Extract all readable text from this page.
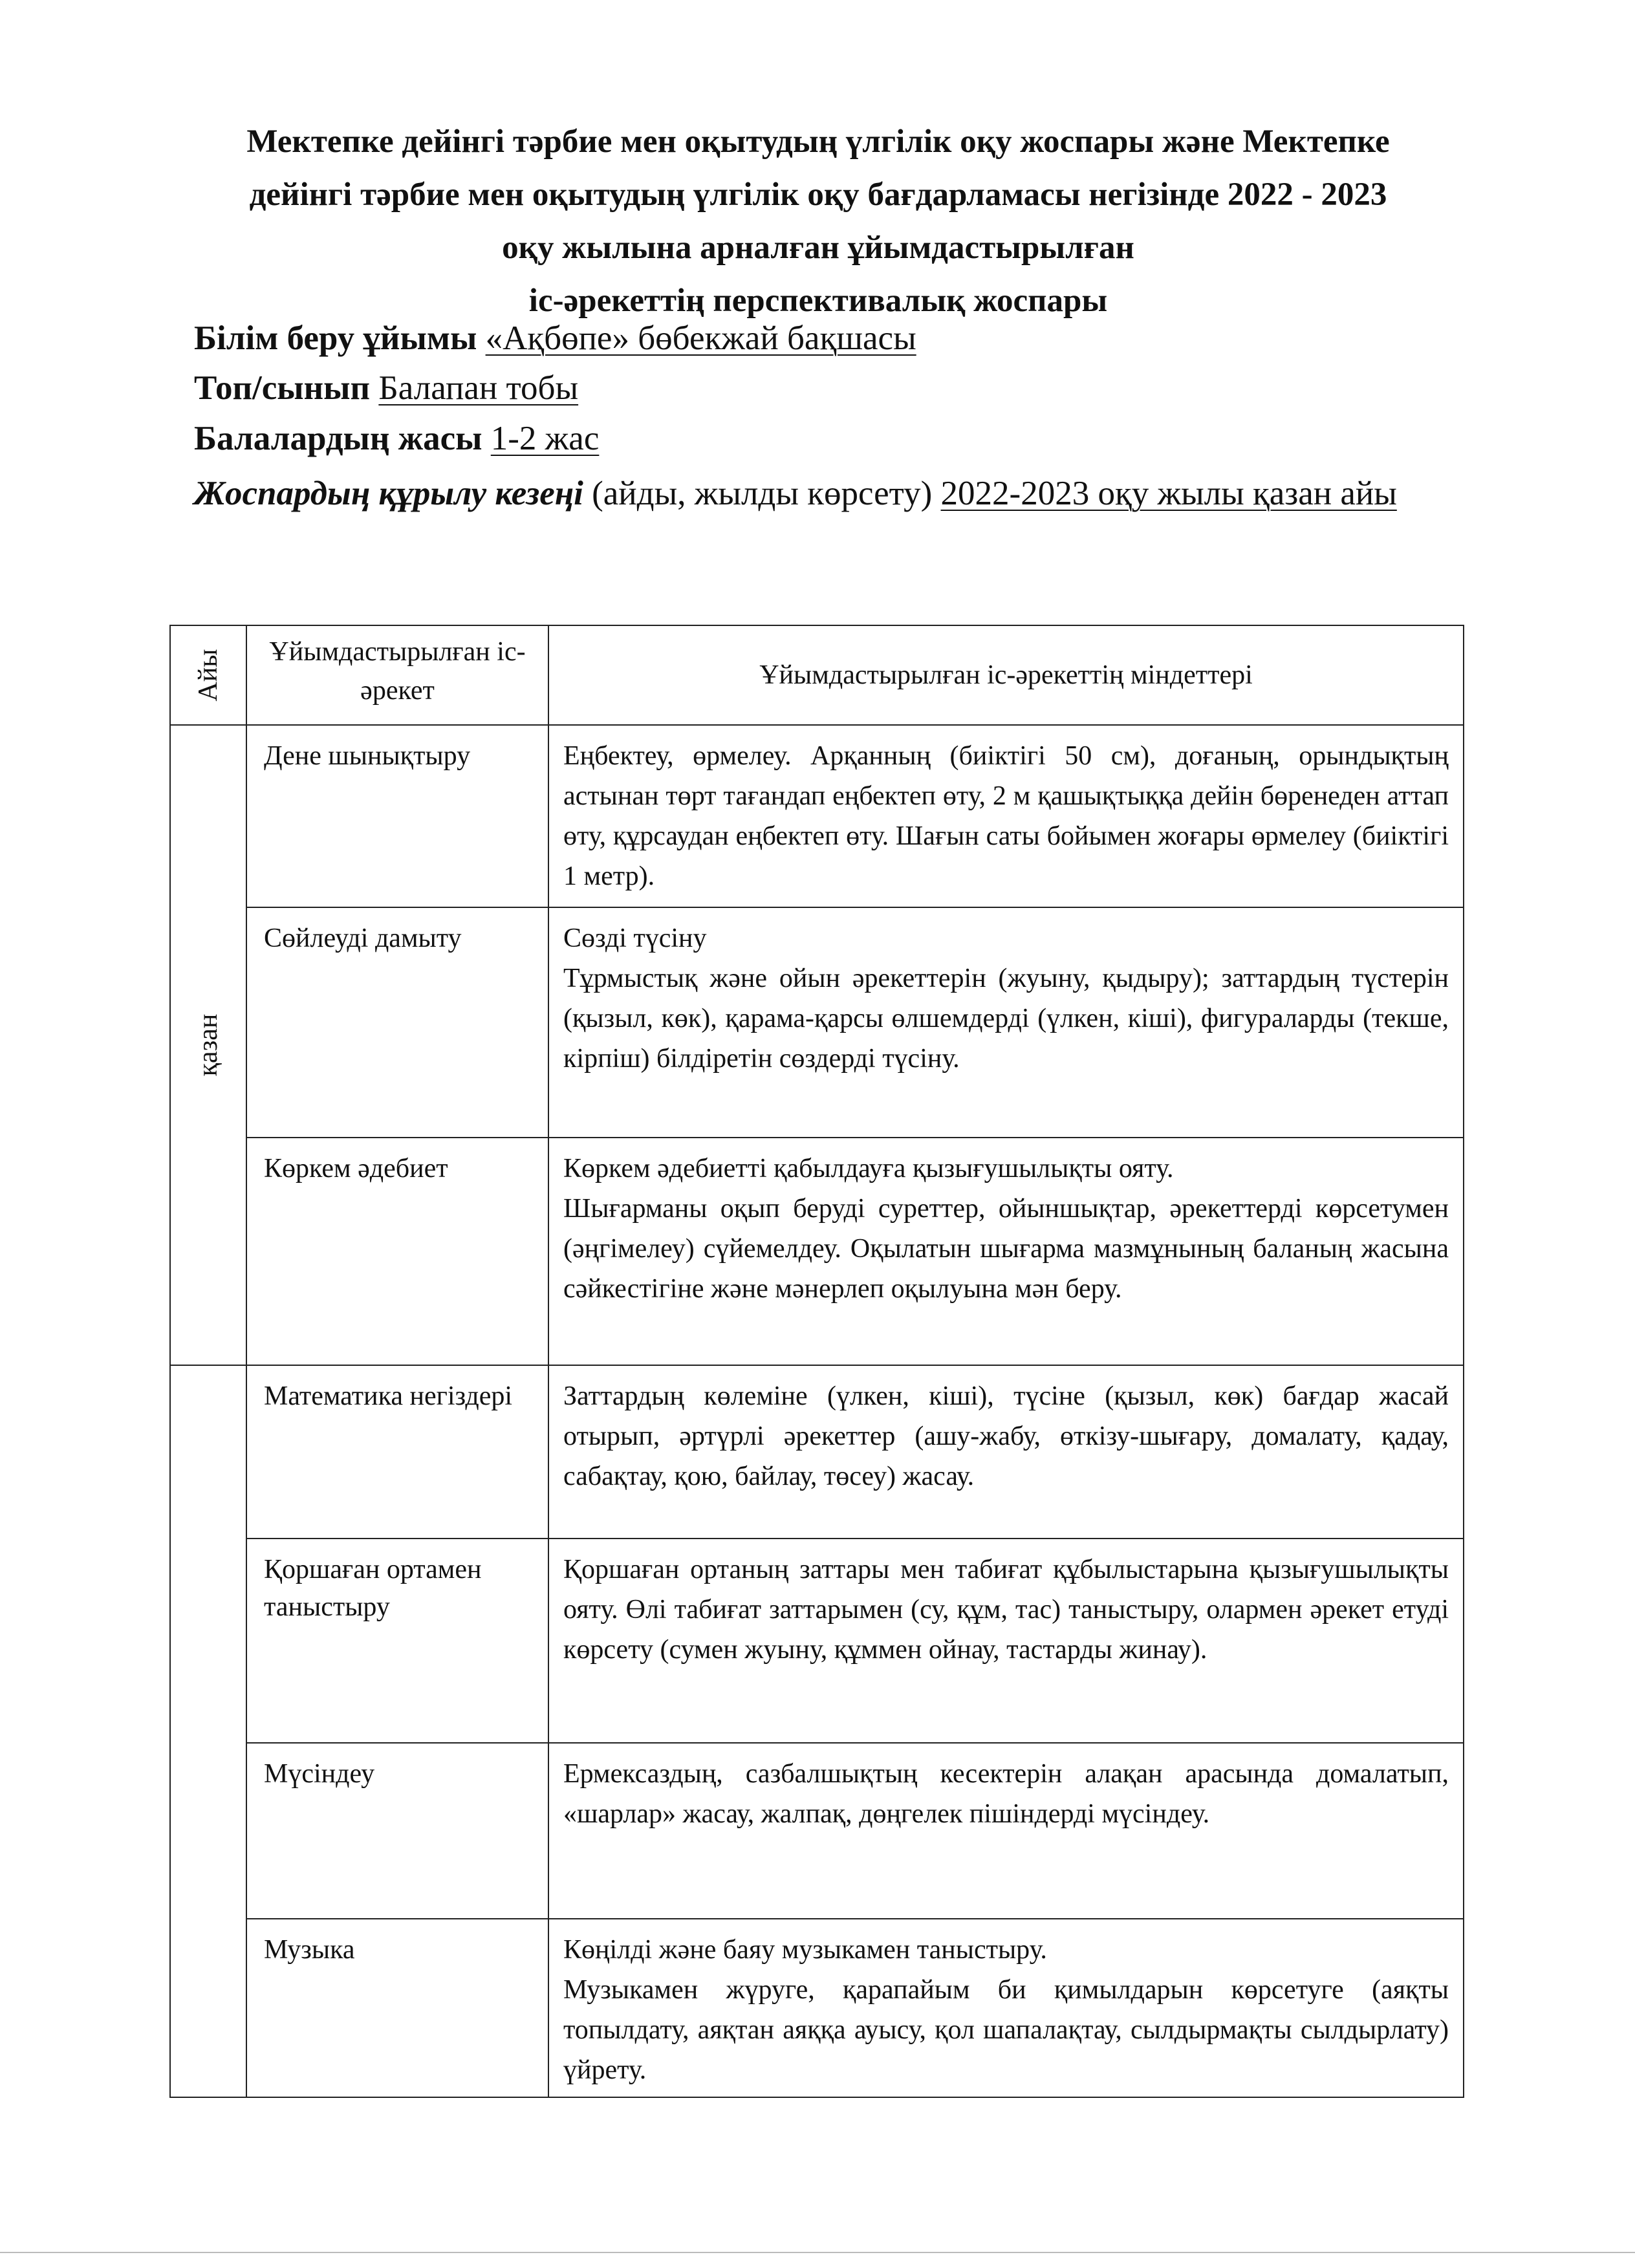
Мектепке дейінгі тәрбие мен оқытудың үлгілік оқу жоспары және Мектепке
дейінгі тәрбие мен оқытудың үлгілік оқу бағдарламасы негізінде 2022 - 2023
оқу жылына арналған ұйымдастырылған
іс-әрекеттің перспективалық жоспары
Білім беру ұйымы «Ақбөпе» бөбекжай бақшасы
Топ/сынып Балапан тобы
Балалардың жасы 1-2 жас
Жоспардың құрылу кезеңі (айды, жылды көрсету) 2022-2023 оқу жылы қазан айы
Айы	Ұйымдастырылған іс-әрекет	Ұйымдастырылған іс-әрекеттің міндеттері

қазан	Дене шынықтыру	Еңбектеу, өрмелеу. Арқанның (биіктігі 50 см), доғаның, орындықтың астынан төрт тағандап еңбектеп өту, 2 м қашықтыққа дейін бөренеден аттап өту, құрсаудан еңбектеп өту. Шағын саты бойымен жоғары өрмелеу (биіктігі 1 метр).

	Сөйлеуді дамыту	Сөзді түсіну
Тұрмыстық және ойын әрекеттерін (жуыну, қыдыру); заттардың түстерін (қызыл, көк), қарама-қарсы өлшемдерді (үлкен, кіші), фигураларды (текше, кірпіш) білдіретін сөздерді түсіну.

	Көркем әдебиет	Көркем әдебиетті қабылдауға қызығушылықты ояту.
Шығарманы оқып беруді суреттер, ойыншықтар, әрекеттерді көрсетумен (әңгімелеу) сүйемелдеу. Оқылатын шығарма мазмұнының баланың жасына сәйкестігіне және мәнерлеп оқылуына мән беру.

	Математика негіздері	Заттардың көлеміне (үлкен, кіші), түсіне (қызыл, көк) бағдар жасай отырып, әртүрлі әрекеттер (ашу-жабу, өткізу-шығару, домалату, қадау, сабақтау, қою, байлау, төсеу) жасау.

	Қоршаған ортамен таныстыру	Қоршаған ортаның заттары мен табиғат құбылыстарына қызығушылықты ояту. Өлі табиғат заттарымен (су, құм, тас) таныстыру, олармен әрекет етуді көрсету (сумен жуыну, құммен ойнау, тастарды жинау).

	Мүсіндеу	Ермексаздың, сазбалшықтың кесектерін алақан арасында домалатып, «шарлар» жасау, жалпақ, дөңгелек пішіндерді мүсіндеу.

	Музыка	Көңілді және баяу музыкамен таныстыру.
Музыкамен жүруге, қарапайым би қимылдарын көрсетуге (аяқты топылдату, аяқтан аяққа ауысу, қол шапалақтау, сылдырмақты сылдырлату) үйрету.
